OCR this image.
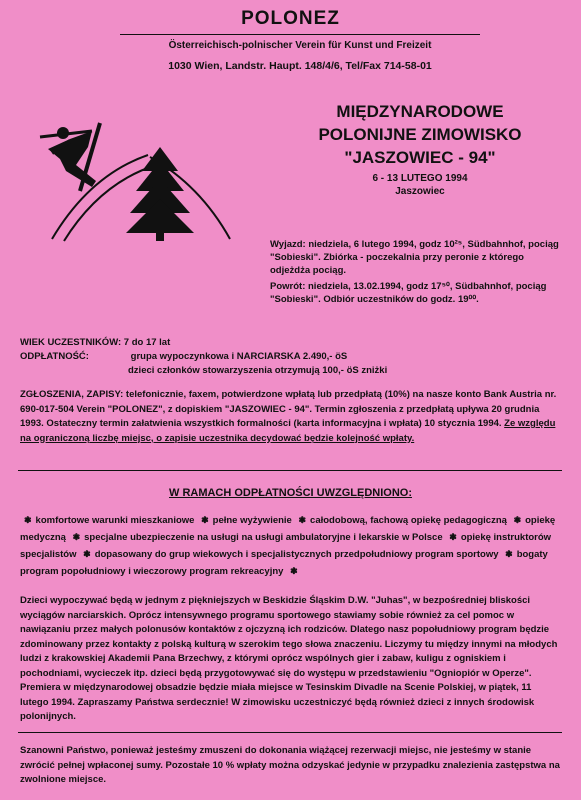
POLONEZ
Österreichisch-polnischer Verein für Kunst und Freizeit
1030 Wien, Landstr. Haupt. 148/4/6, Tel/Fax 714-58-01
MIĘDZYNARODOWE
POLONIJNE ZIMOWISKO
"JASZOWIEC - 94"
6 - 13 LUTEGO 1994
Jaszowiec

Wyjazd: niedziela, 6 lutego 1994, godz 10²⁵, Südbahnhof, pociąg "Sobieski". Zbiórka - poczekalnia przy peronie z którego odjeżdża pociąg.

Powrót: niedziela, 13.02.1994, godz 17⁵⁰, Südbahnhof, pociąg "Sobieski". Odbiór uczestników do godz. 19⁰⁰.

WIEK UCZESTNIKÓW: 7 do 17 lat
ODPŁATNOŚĆ:	grupa wypoczynkowa i NARCIARSKA 2.490,- öS
dzieci członków stowarzyszenia otrzymują 100,- öS zniżki
ZGŁOSZENIA, ZAPISY: telefonicznie, faxem, potwierdzone wpłatą lub przedpłatą (10%) na nasze konto Bank Austria nr. 690-017-504 Verein "POLONEZ", z dopiskiem "JASZOWIEC - 94". Termin zgłoszenia z przedpłatą upływa 20 grudnia 1993. Ostateczny termin załatwienia wszystkich formalności (karta informacyjna i wpłata) 10 stycznia 1994. Ze względu na ograniczoną liczbę miejsc, o zapisie uczestnika decydować będzie kolejność wpłaty.
W RAMACH ODPŁATNOŚCI UWZGLĘDNIONO:
❃ komfortowe warunki mieszkaniowe ❃ pełne wyżywienie ❃ całodobową, fachową opiekę pedagogiczną ❃ opiekę medyczną ❃ specjalne ubezpieczenie na usługi na usługi ambulatoryjne i lekarskie w Polsce ❃ opiekę instruktorów specjalistów ❃ dopasowany do grup wiekowych i specjalistycznych przedpołudniowy program sportowy ❃ bogaty program popołudniowy i wieczorowy program rekreacyjny ❃
Dzieci wypoczywać będą w jednym z piękniejszych w Beskidzie Śląskim D.W. "Juhas", w bezpośredniej bliskości wyciągów narciarskich. Oprócz intensywnego programu sportowego stawiamy sobie również za cel pomoc w nawiązaniu przez małych polonusów kontaktów z ojczyzną ich rodziców. Dlatego nasz popołudniowy program będzie zdominowany przez kontakty z polską kulturą w szerokim tego słowa znaczeniu. Liczymy tu między innymi na młodych ludzi z krakowskiej Akademii Pana Brzechwy, z którymi oprócz wspólnych gier i zabaw, kuligu z ogniskiem i pochodniami, wycieczek itp. dzieci będą przygotowywać się do występu w przedstawieniu "Ogniopiór w Operze". Premiera w międzynarodowej obsadzie będzie miała miejsce w Tesinskim Divadle na Scenie Polskiej, w piątek, 11 lutego 1994. Zapraszamy Państwa serdecznie! W zimowisku uczestniczyć będą również dzieci z innych środowisk polonijnych.
Szanowni Państwo, ponieważ jesteśmy zmuszeni do dokonania wiążącej rezerwacji miejsc, nie jesteśmy w stanie zwrócić pełnej wpłaconej sumy. Pozostałe 10 % wpłaty można odzyskać jedynie w przypadku znalezienia zastępstwa na zwolnione miejsce.
